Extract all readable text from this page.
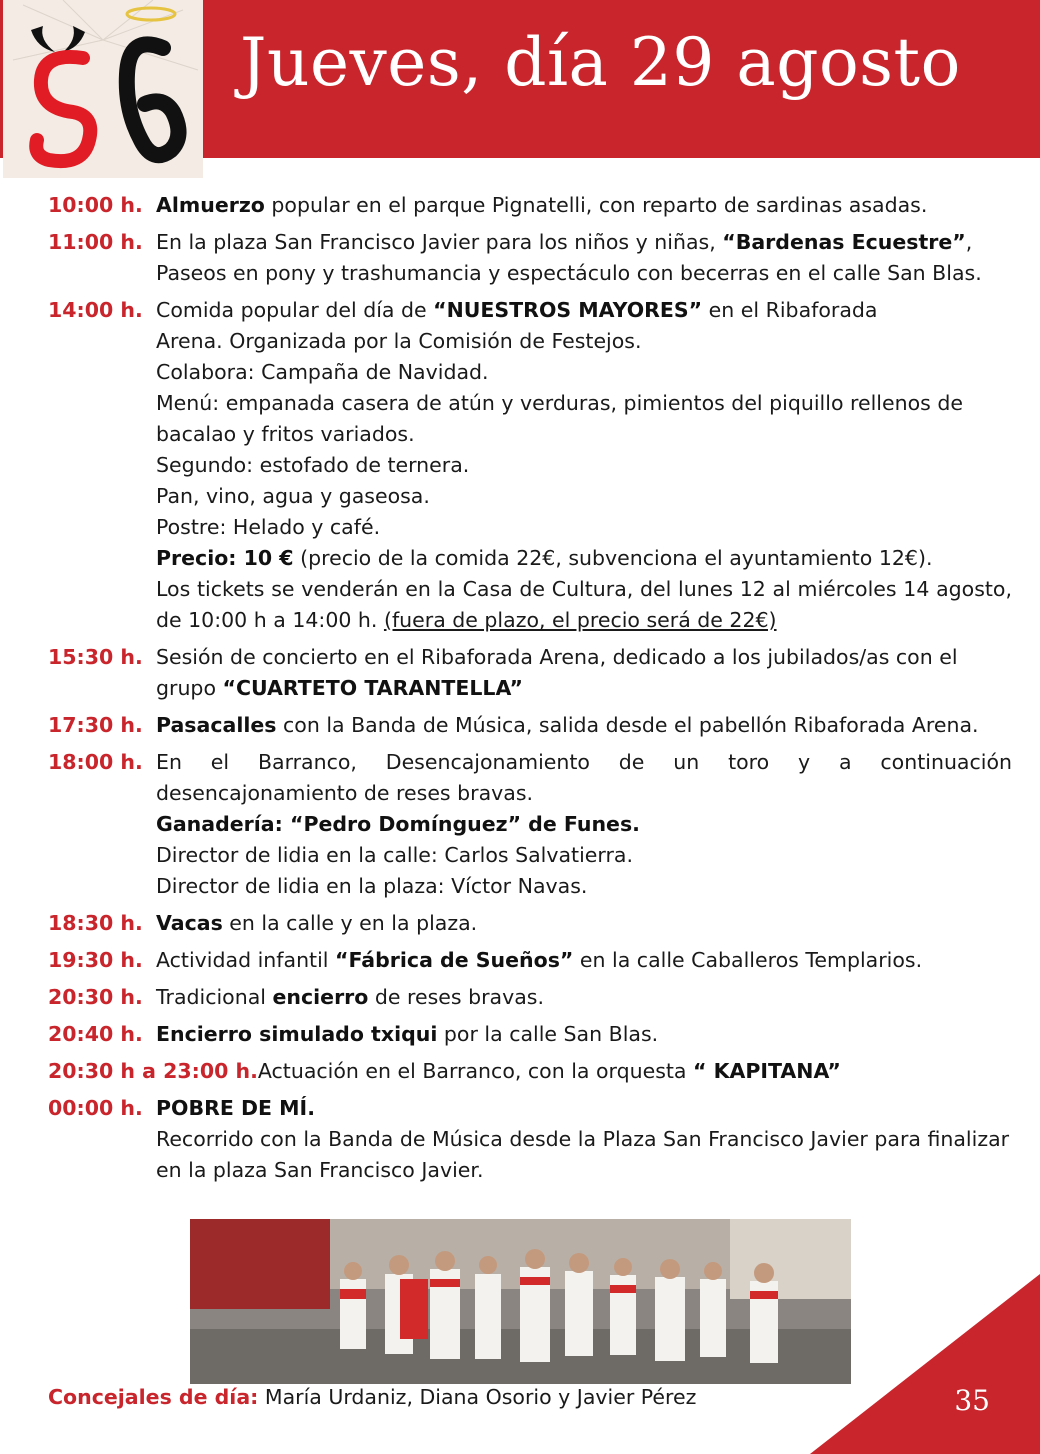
Jueves, día 29 agosto
10:00 h. Almuerzo popular en el parque Pignatelli, con reparto de sardinas asadas.

11:00 h. En la plaza San Francisco Javier para los niños y niñas, “Bardenas Ecuestre”, Paseos en pony y trashumancia y espectáculo con becerras en el calle San Blas.

14:00 h. Comida popular del día de “NUESTROS MAYORES” en el Ribaforada

Arena. Organizada por la Comisión de Festejos.

Colabora: Campaña de Navidad.

Menú: empanada casera de atún y verduras, pimientos del piquillo rellenos de bacalao y fritos variados.

Segundo: estofado de ternera.

Pan, vino, agua y gaseosa.

Postre: Helado y café.

Precio: 10 € (precio de la comida 22€, subvenciona el ayuntamiento 12€).

Los tickets se venderán en la Casa de Cultura, del lunes 12 al miércoles 14 agosto, de 10:00 h a 14:00 h. (fuera de plazo, el precio será de 22€)

15:30 h. Sesión de concierto en el Ribaforada Arena, dedicado a los jubilados/as con el grupo “CUARTETO TARANTELLA”

17:30 h. Pasacalles con la Banda de Música, salida desde el pabellón Ribaforada Arena.

18:00 h. En el Barranco, Desencajonamiento de un toro y a continuación desencajonamiento de reses bravas.

Ganadería: “Pedro Domínguez” de Funes.

Director de lidia en la calle: Carlos Salvatierra.

Director de lidia en la plaza: Víctor Navas.

18:30 h. Vacas en la calle y en la plaza.

19:30 h. Actividad infantil “Fábrica de Sueños” en la calle Caballeros Templarios.

20:30 h. Tradicional encierro de reses bravas.

20:40 h. Encierro simulado txiqui por la calle San Blas.

20:30 h a 23:00 h. Actuación en el Barranco, con la orquesta “ KAPITANA”

00:00 h. POBRE DE MÍ.

Recorrido con la Banda de Música desde la Plaza San Francisco Javier para finalizar en la plaza San Francisco Javier.

Concejales de día: María Urdaniz, Diana Osorio y Javier Pérez	35
